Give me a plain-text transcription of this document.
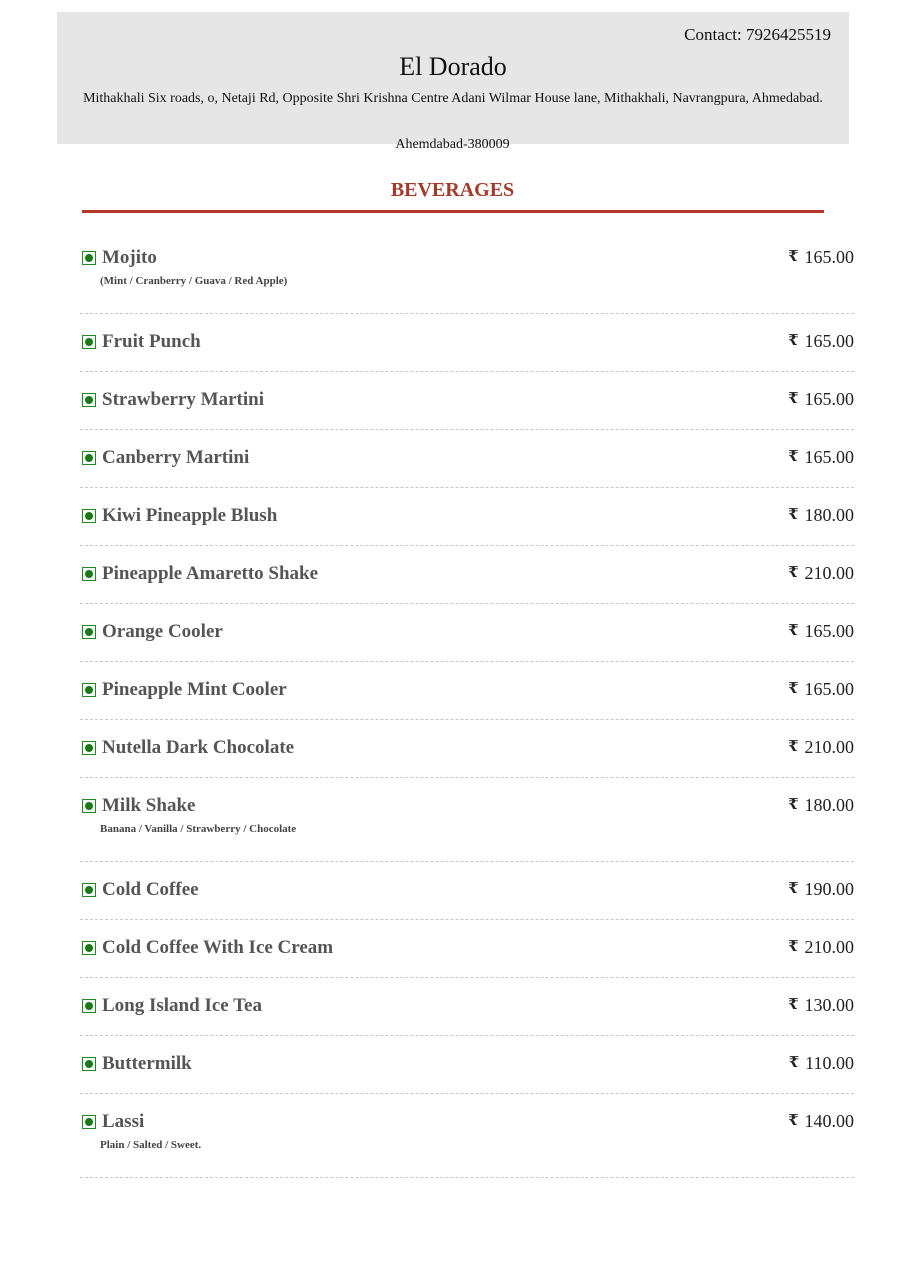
Contact: 7926425519
El Dorado
Mithakhali Six roads, o, Netaji Rd, Opposite Shri Krishna Centre Adani Wilmar House lane, Mithakhali, Navrangpura, Ahmedabad.
Ahemdabad-380009
BEVERAGES
Mojito	₹ 165.00
(Mint / Cranberry / Guava / Red Apple)
Fruit Punch	₹ 165.00
Strawberry Martini	₹ 165.00
Canberry Martini	₹ 165.00
Kiwi Pineapple Blush	₹ 180.00
Pineapple Amaretto Shake	₹ 210.00
Orange Cooler	₹ 165.00
Pineapple Mint Cooler	₹ 165.00
Nutella Dark Chocolate	₹ 210.00
Milk Shake	₹ 180.00
Banana / Vanilla / Strawberry / Chocolate
Cold Coffee	₹ 190.00
Cold Coffee With Ice Cream	₹ 210.00
Long Island Ice Tea	₹ 130.00
Buttermilk	₹ 110.00
Lassi	₹ 140.00
Plain / Salted / Sweet.
